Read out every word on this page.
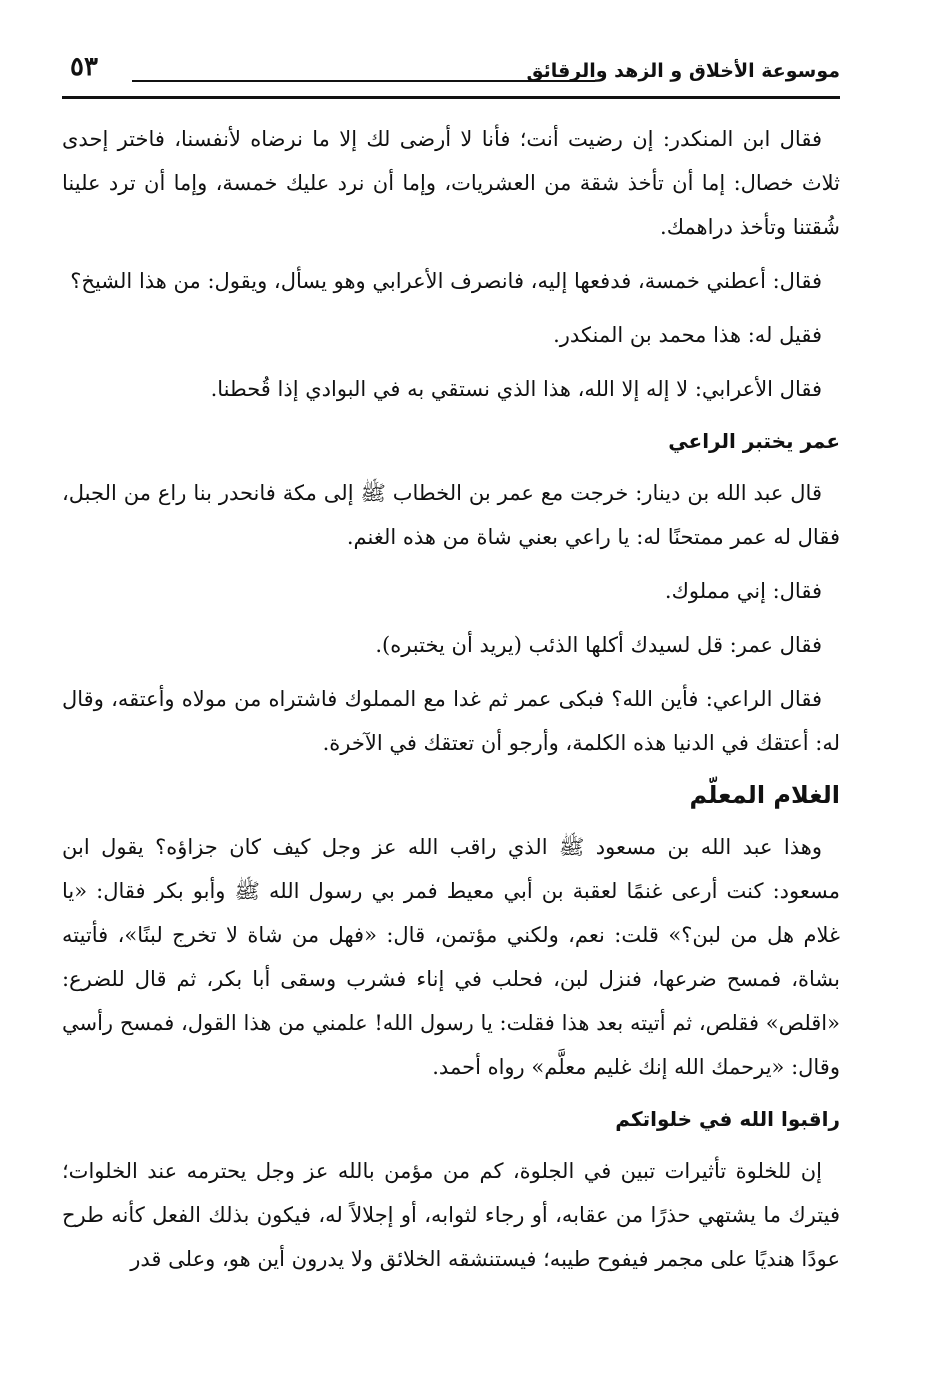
موسوعة الأخلاق و الزهد والرقائق
٥٣

فقال ابن المنكدر: إن رضيت أنت؛ فأنا لا أرضى لك إلا ما نرضاه لأنفسنا، فاختر إحدى ثلاث خصال: إما أن تأخذ شقة من العشريات، وإما أن نرد عليك خمسة، وإما أن ترد علينا شُقتنا وتأخذ دراهمك.

فقال: أعطني خمسة، فدفعها إليه، فانصرف الأعرابي وهو يسأل، ويقول: من هذا الشيخ؟

فقيل له: هذا محمد بن المنكدر.

فقال الأعرابي: لا إله إلا الله، هذا الذي نستقي به في البوادي إذا قُحطنا.

عمر يختبر الراعي

قال عبد الله بن دينار: خرجت مع عمر بن الخطاب ﷺ إلى مكة فانحدر بنا راع من الجبل، فقال له عمر ممتحنًا له: يا راعي بعني شاة من هذه الغنم.

فقال: إني مملوك.

فقال عمر: قل لسيدك أكلها الذئب (يريد أن يختبره).

فقال الراعي: فأين الله؟ فبكى عمر ثم غدا مع المملوك فاشتراه من مولاه وأعتقه، وقال له: أعتقك في الدنيا هذه الكلمة، وأرجو أن تعتقك في الآخرة.

الغلام المعلّم

وهذا عبد الله بن مسعود ﷺ الذي راقب الله عز وجل كيف كان جزاؤه؟ يقول ابن مسعود: كنت أرعى غنمًا لعقبة بن أبي معيط فمر بي رسول الله ﷺ وأبو بكر فقال: «يا غلام هل من لبن؟» قلت: نعم، ولكني مؤتمن، قال: «فهل من شاة لا تخرج لبنًا»، فأتيته بشاة، فمسح ضرعها، فنزل لبن، فحلب في إناء فشرب وسقى أبا بكر، ثم قال للضرع: «اقلص» فقلص، ثم أتيته بعد هذا فقلت: يا رسول الله! علمني من هذا القول، فمسح رأسي وقال: «يرحمك الله إنك غليم معلَّم» رواه أحمد.

راقبوا الله في خلواتكم

إن للخلوة تأثيرات تبين في الجلوة، كم من مؤمن بالله عز وجل يحترمه عند الخلوات؛ فيترك ما يشتهي حذرًا من عقابه، أو رجاء لثوابه، أو إجلالاً له، فيكون بذلك الفعل كأنه طرح عودًا هنديًا على مجمر فيفوح طيبه؛ فيستنشقه الخلائق ولا يدرون أين هو، وعلى قدر
